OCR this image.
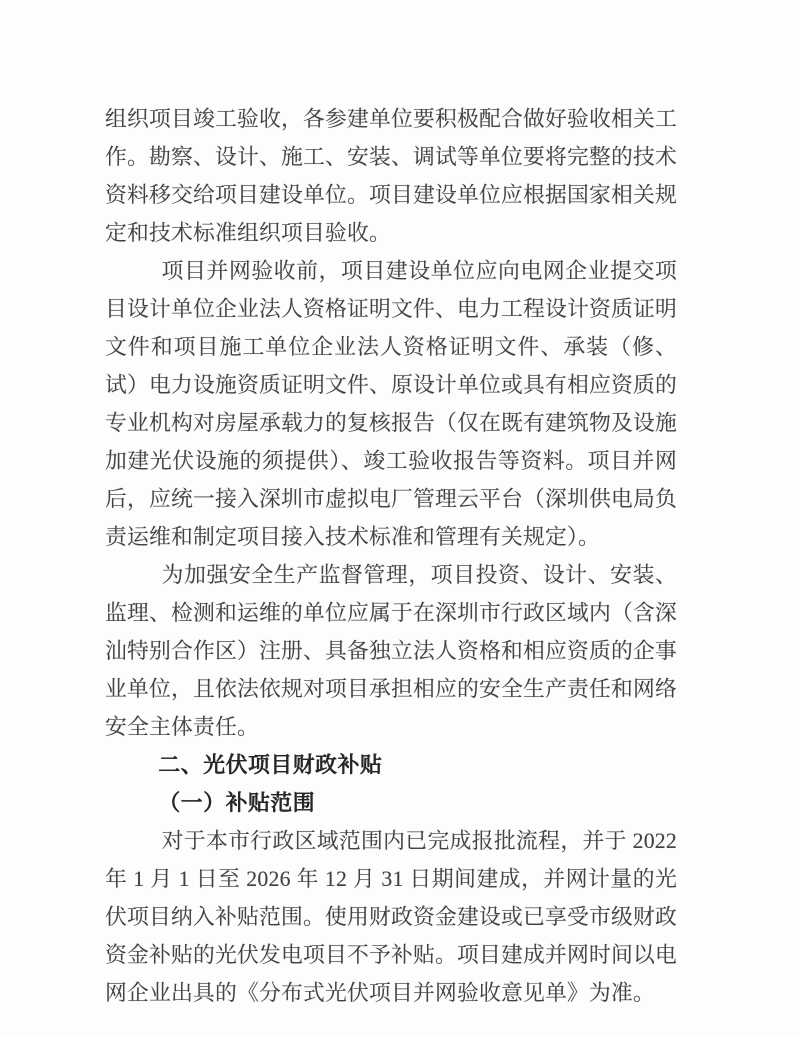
组织项目竣工验收，各参建单位要积极配合做好验收相关工作。勘察、设计、施工、安装、调试等单位要将完整的技术资料移交给项目建设单位。项目建设单位应根据国家相关规定和技术标准组织项目验收。

项目并网验收前，项目建设单位应向电网企业提交项目设计单位企业法人资格证明文件、电力工程设计资质证明文件和项目施工单位企业法人资格证明文件、承装（修、试）电力设施资质证明文件、原设计单位或具有相应资质的专业机构对房屋承载力的复核报告（仅在既有建筑物及设施加建光伏设施的须提供）、竣工验收报告等资料。项目并网后，应统一接入深圳市虚拟电厂管理云平台（深圳供电局负责运维和制定项目接入技术标准和管理有关规定）。

为加强安全生产监督管理，项目投资、设计、安装、监理、检测和运维的单位应属于在深圳市行政区域内（含深汕特别合作区）注册、具备独立法人资格和相应资质的企事业单位，且依法依规对项目承担相应的安全生产责任和网络安全主体责任。

二、光伏项目财政补贴

（一）补贴范围

对于本市行政区域范围内已完成报批流程，并于 2022 年 1 月 1 日至 2026 年 12 月 31 日期间建成，并网计量的光伏项目纳入补贴范围。使用财政资金建设或已享受市级财政资金补贴的光伏发电项目不予补贴。项目建成并网时间以电网企业出具的《分布式光伏项目并网验收意见单》为准。
